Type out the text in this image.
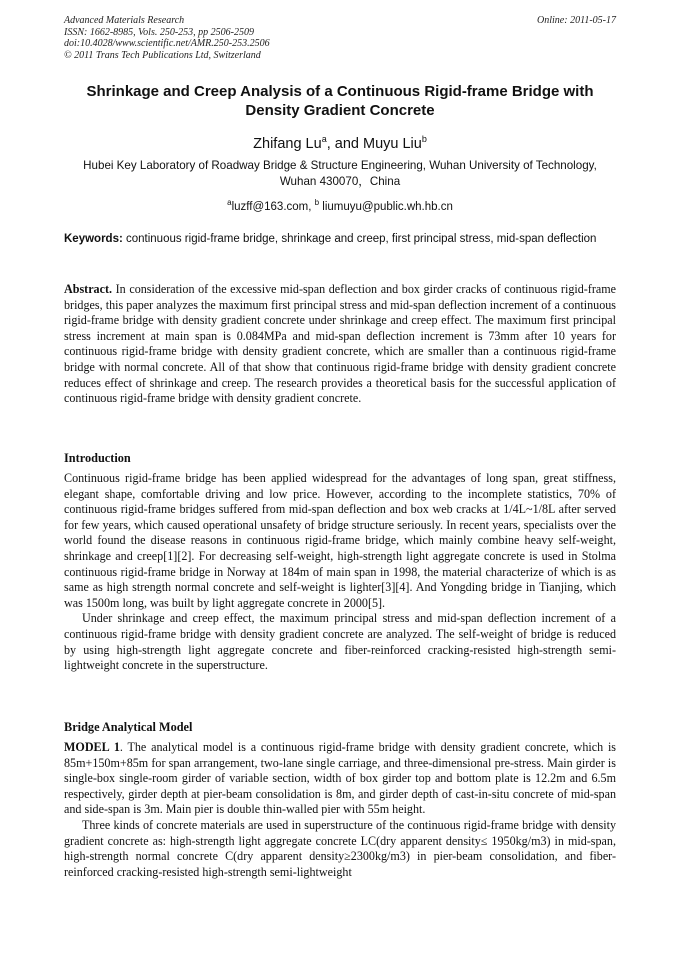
Advanced Materials Research
ISSN: 1662-8985, Vols. 250-253, pp 2506-2509
doi:10.4028/www.scientific.net/AMR.250-253.2506
© 2011 Trans Tech Publications Ltd, Switzerland
Online: 2011-05-17
Shrinkage and Creep Analysis of a Continuous Rigid-frame Bridge with Density Gradient Concrete
Zhifang Lu$^a$, and Muyu Liu$^b$
Hubei Key Laboratory of Roadway Bridge & Structure Engineering, Wuhan University of Technology, Wuhan 430070，China
$^a$luzff@163.com, $^b$ liumuyu@public.wh.hb.cn
Keywords: continuous rigid-frame bridge, shrinkage and creep, first principal stress, mid-span deflection
Abstract. In consideration of the excessive mid-span deflection and box girder cracks of continuous rigid-frame bridges, this paper analyzes the maximum first principal stress and mid-span deflection increment of a continuous rigid-frame bridge with density gradient concrete under shrinkage and creep effect. The maximum first principal stress increment at main span is 0.084MPa and mid-span deflection increment is 73mm after 10 years for continuous rigid-frame bridge with density gradient concrete, which are smaller than a continuous rigid-frame bridge with normal concrete. All of that show that continuous rigid-frame bridge with density gradient concrete reduces effect of shrinkage and creep. The research provides a theoretical basis for the successful application of continuous rigid-frame bridge with density gradient concrete.
Introduction

Continuous rigid-frame bridge has been applied widespread for the advantages of long span, great stiffness, elegant shape, comfortable driving and low price. However, according to the incomplete statistics, 70% of continuous rigid-frame bridges suffered from mid-span deflection and box web cracks at 1/4L~1/8L after served for few years, which caused operational unsafety of bridge structure seriously. In recent years, specialists over the world found the disease reasons in continuous rigid-frame bridge, which mainly combine heavy self-weight, shrinkage and creep[1][2]. For decreasing self-weight, high-strength light aggregate concrete is used in Stolma continuous rigid-frame bridge in Norway at 184m of main span in 1998, the material characterize of which is as same as high strength normal concrete and self-weight is lighter[3][4]. And Yongding bridge in Tianjing, which was 1500m long, was built by light aggregate concrete in 2000[5].

Under shrinkage and creep effect, the maximum principal stress and mid-span deflection increment of a continuous rigid-frame bridge with density gradient concrete are analyzed. The self-weight of bridge is reduced by using high-strength light aggregate concrete and fiber-reinforced cracking-resisted high-strength semi-lightweight concrete in the superstructure.

Bridge Analytical Model

MODEL 1. The analytical model is a continuous rigid-frame bridge with density gradient concrete, which is 85m+150m+85m for span arrangement, two-lane single carriage, and three-dimensional pre-stress. Main girder is single-box single-room girder of variable section, width of box girder top and bottom plate is 12.2m and 6.5m respectively, girder depth at pier-beam consolidation is 8m, and girder depth of cast-in-situ concrete of mid-span and side-span is 3m. Main pier is double thin-walled pier with 55m height.

Three kinds of concrete materials are used in superstructure of the continuous rigid-frame bridge with density gradient concrete as: high-strength light aggregate concrete LC(dry apparent density≤ 1950kg/m3) in mid-span, high-strength normal concrete C(dry apparent density≥2300kg/m3) in pier-beam consolidation, and fiber-reinforced cracking-resisted high-strength semi-lightweight
